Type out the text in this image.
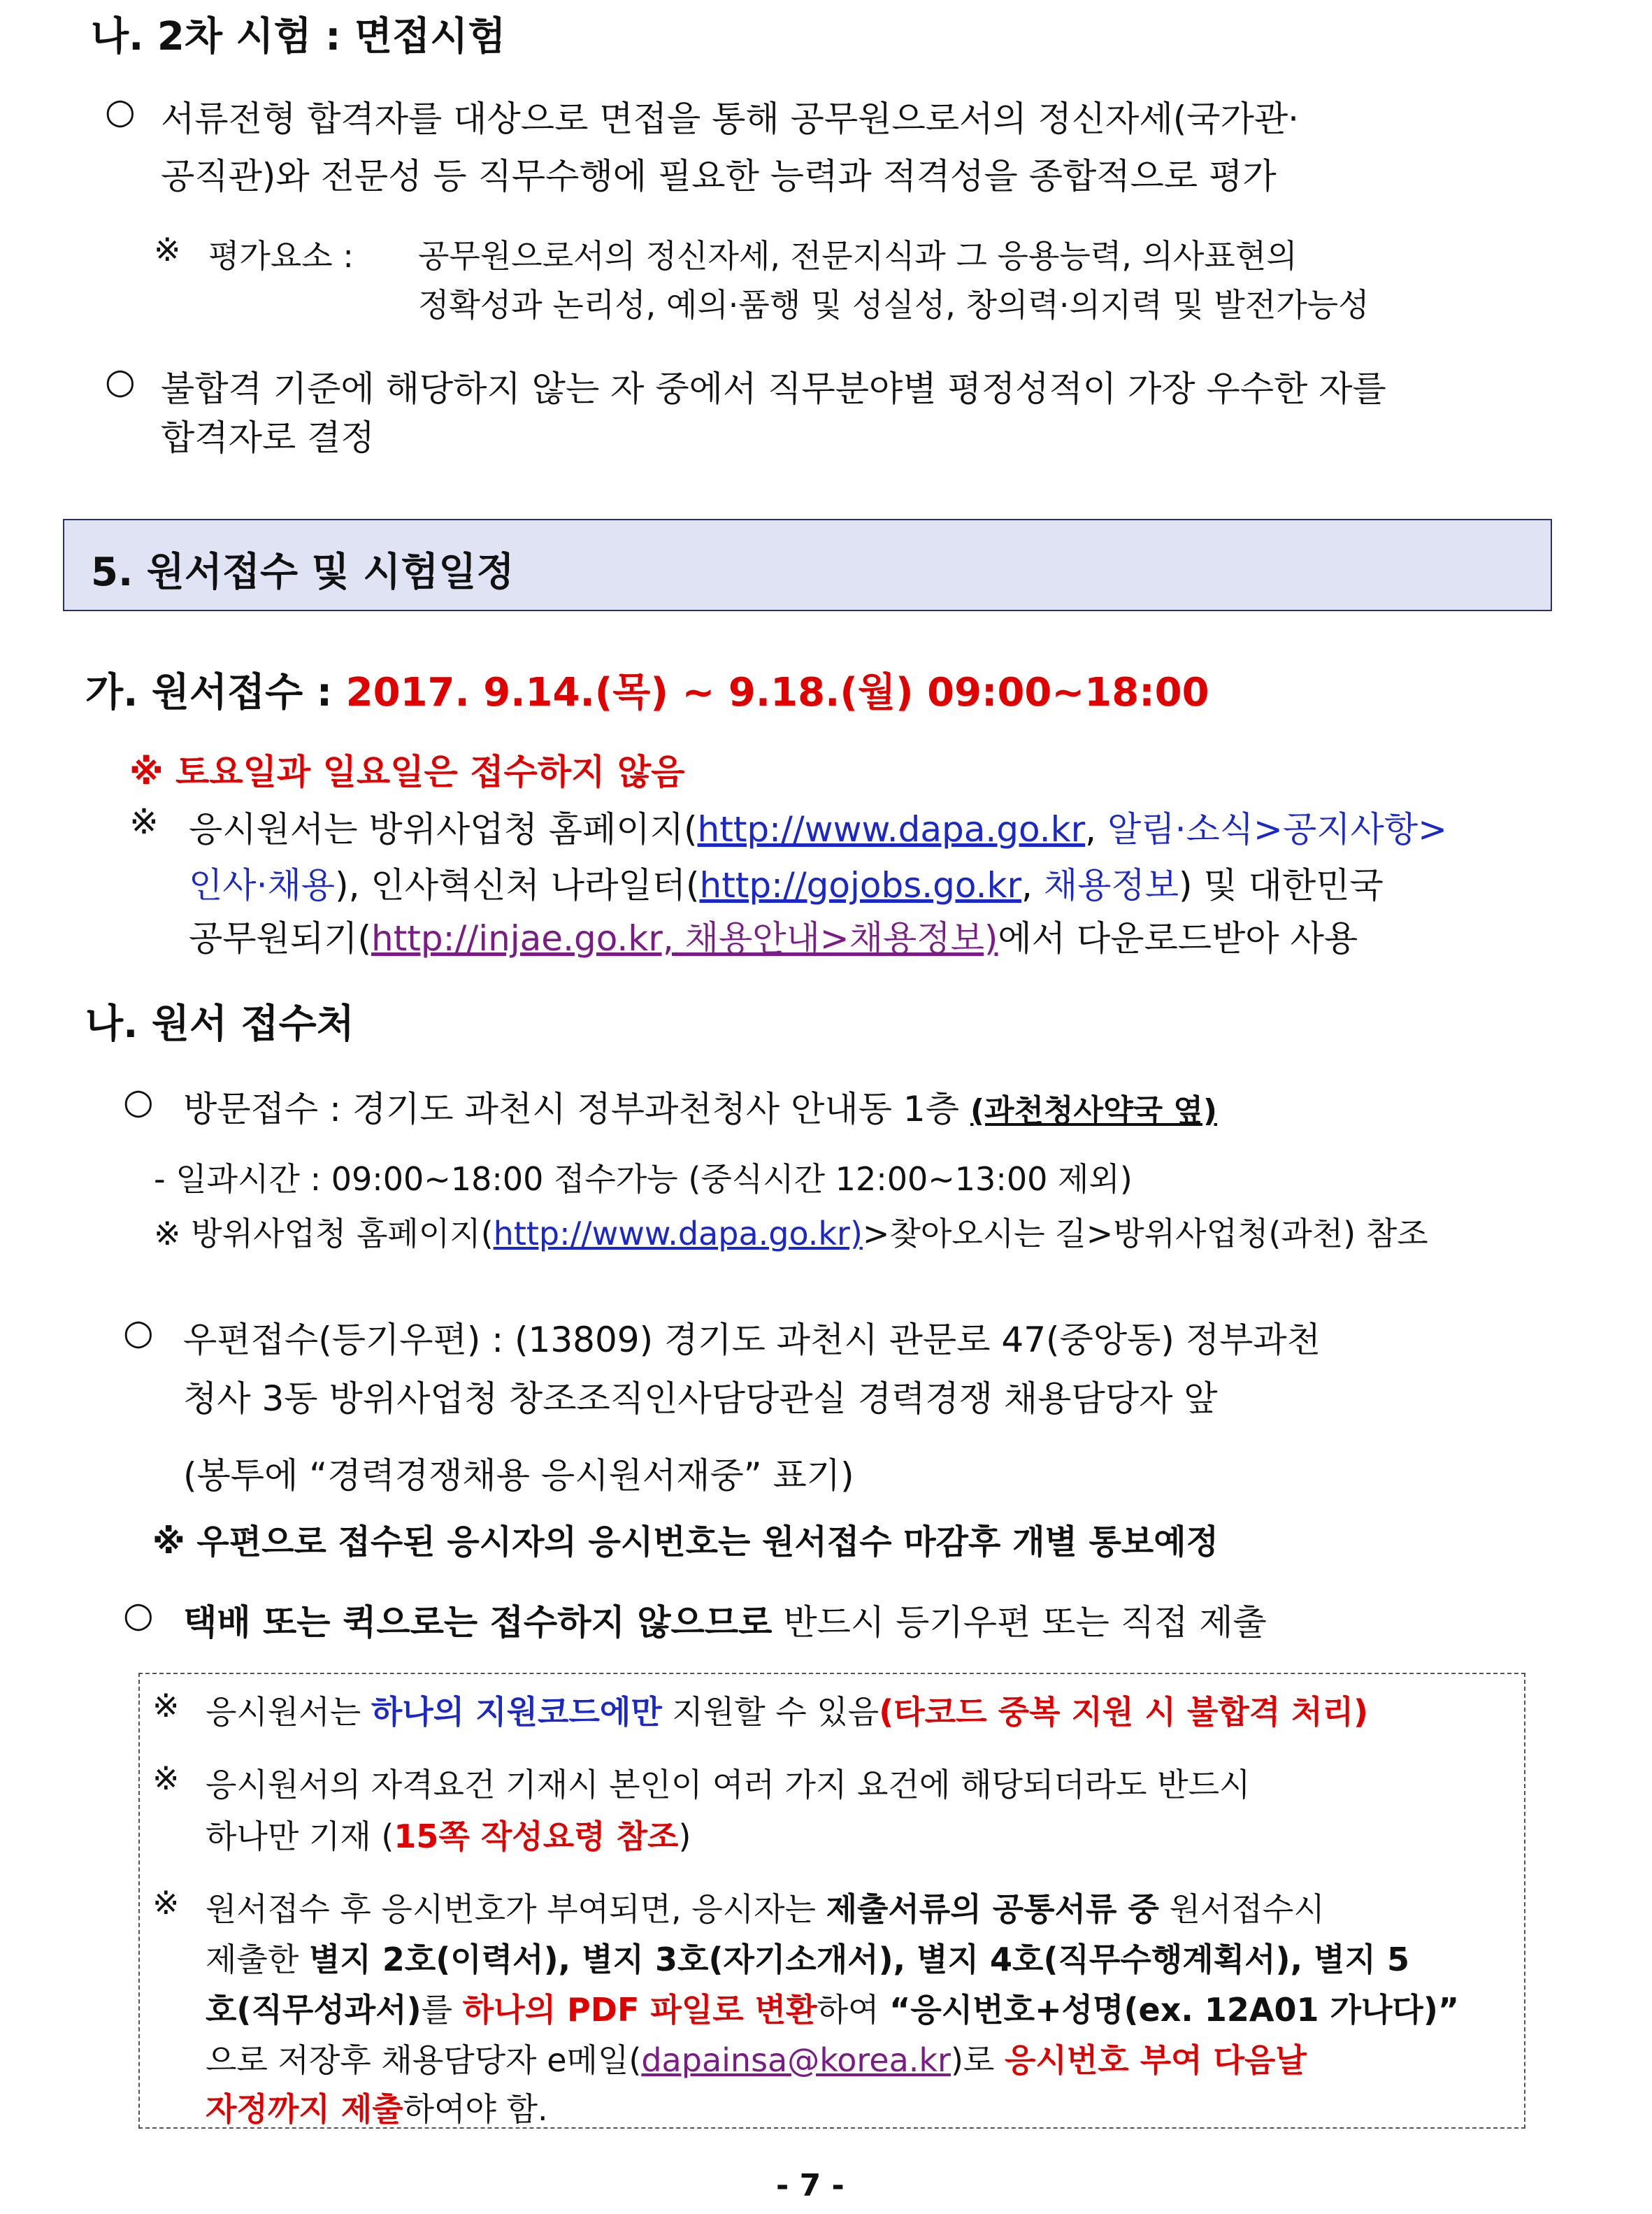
나. 2차 시험 : 면접시험
○ 서류전형 합격자를 대상으로 면접을 통해 공무원으로서의 정신자세(국가관·
공직관)와 전문성 등 직무수행에 필요한 능력과 적격성을 종합적으로 평가
※ 평가요소 : 공무원으로서의 정신자세, 전문지식과 그 응용능력, 의사표현의
정확성과 논리성, 예의·품행 및 성실성, 창의력·의지력 및 발전가능성
○ 불합격 기준에 해당하지 않는 자 중에서 직무분야별 평정성적이 가장 우수한 자를
합격자로 결정
5. 원서접수 및 시험일정
가. 원서접수 : 2017. 9.14.(목) ~ 9.18.(월) 09:00~18:00
※ 토요일과 일요일은 접수하지 않음
※ 응시원서는 방위사업청 홈페이지(http://www.dapa.go.kr, 알림·소식>공지사항>
인사·채용), 인사혁신처 나라일터(http://gojobs.go.kr, 채용정보) 및 대한민국
공무원되기(http://injae.go.kr, 채용안내>채용정보)에서 다운로드받아 사용
나. 원서 접수처
○ 방문접수 : 경기도 과천시 정부과천청사 안내동 1층 (과천청사약국 옆)
- 일과시간 : 09:00~18:00 접수가능 (중식시간 12:00~13:00 제외)
※ 방위사업청 홈페이지(http://www.dapa.go.kr)>찾아오시는 길>방위사업청(과천) 참조
○ 우편접수(등기우편) : (13809) 경기도 과천시 관문로 47(중앙동) 정부과천
청사 3동 방위사업청 창조조직인사담당관실 경력경쟁 채용담당자 앞
(봉투에 “경력경쟁채용 응시원서재중” 표기)
※ 우편으로 접수된 응시자의 응시번호는 원서접수 마감후 개별 통보예정
○ 택배 또는 퀵으로는 접수하지 않으므로 반드시 등기우편 또는 직접 제출
※ 응시원서는 하나의 지원코드에만 지원할 수 있음(타코드 중복 지원 시 불합격 처리)
※ 응시원서의 자격요건 기재시 본인이 여러 가지 요건에 해당되더라도 반드시
하나만 기재 (15쪽 작성요령 참조)
※ 원서접수 후 응시번호가 부여되면, 응시자는 제출서류의 공통서류 중 원서접수시
제출한 별지 2호(이력서), 별지 3호(자기소개서), 별지 4호(직무수행계획서), 별지 5
호(직무성과서)를 하나의 PDF 파일로 변환하여 “응시번호+성명(ex. 12A01 가나다)”
으로 저장후 채용담당자 e메일(dapainsa@korea.kr)로 응시번호 부여 다음날
자정까지 제출하여야 함.
- 7 -
